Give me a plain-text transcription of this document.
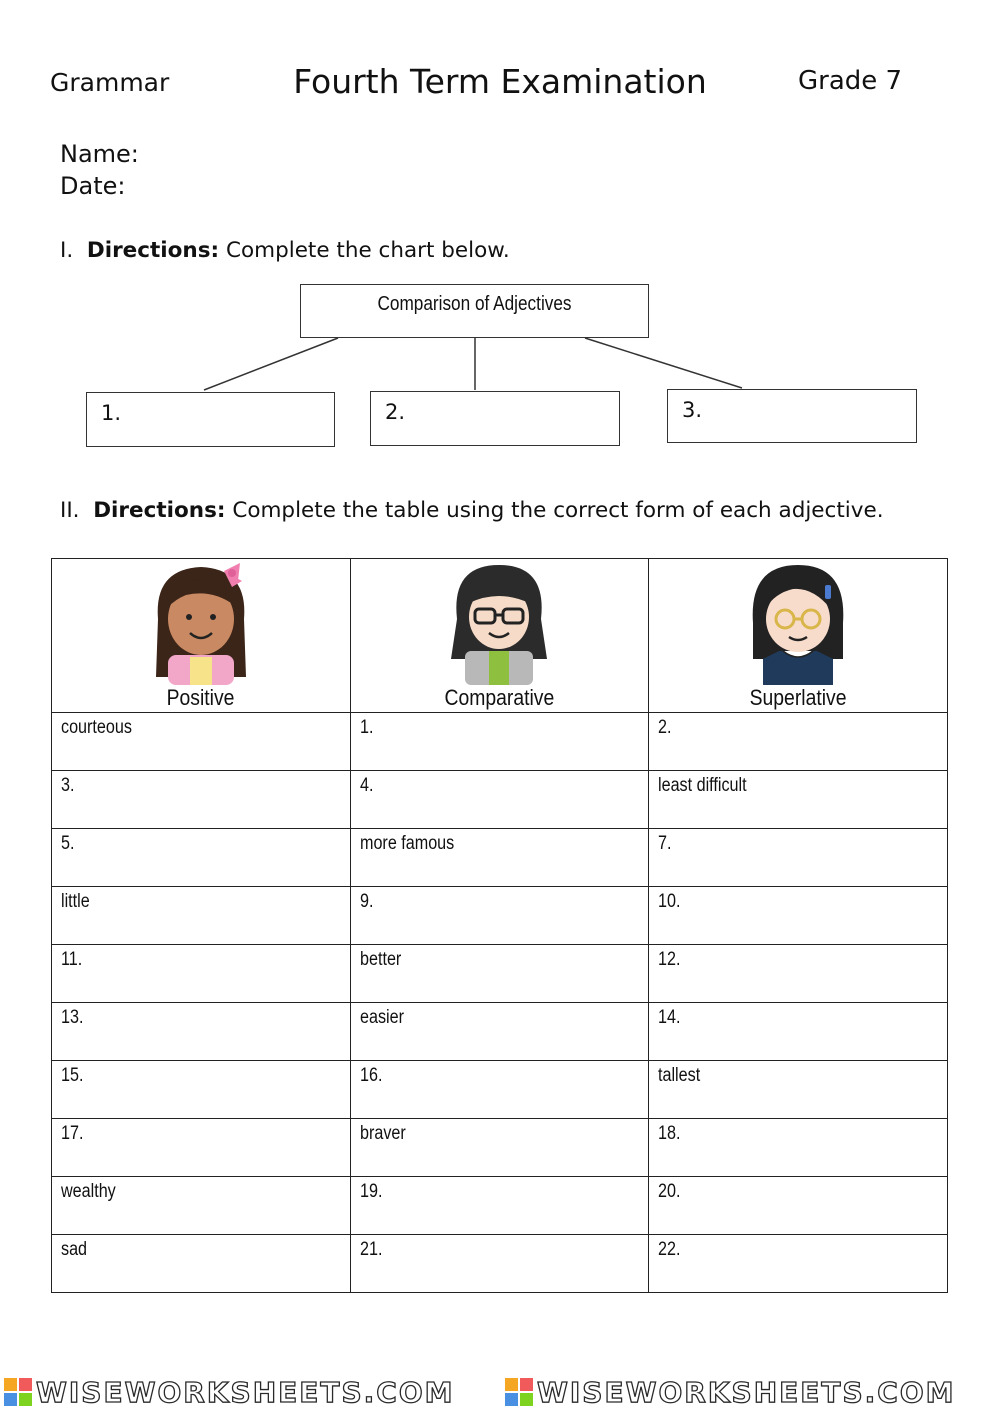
Grammar	Fourth Term Examination	Grade 7
Name:
Date:
I. Directions: Complete the chart below.
Comparison of Adjectives
1.	2.	3.
II. Directions: Complete the table using the correct form of each adjective.
Positive	Comparative	Superlative
courteous	1.	2.
3.	4.	least difficult
5.	more famous	7.
little	9.	10.
11.	better	12.
13.	easier	14.
15.	16.	tallest
17.	braver	18.
wealthy	19.	20.
sad	21.	22.
WISEWORKSHEETS.COM	WISEWORKSHEETS.COM
